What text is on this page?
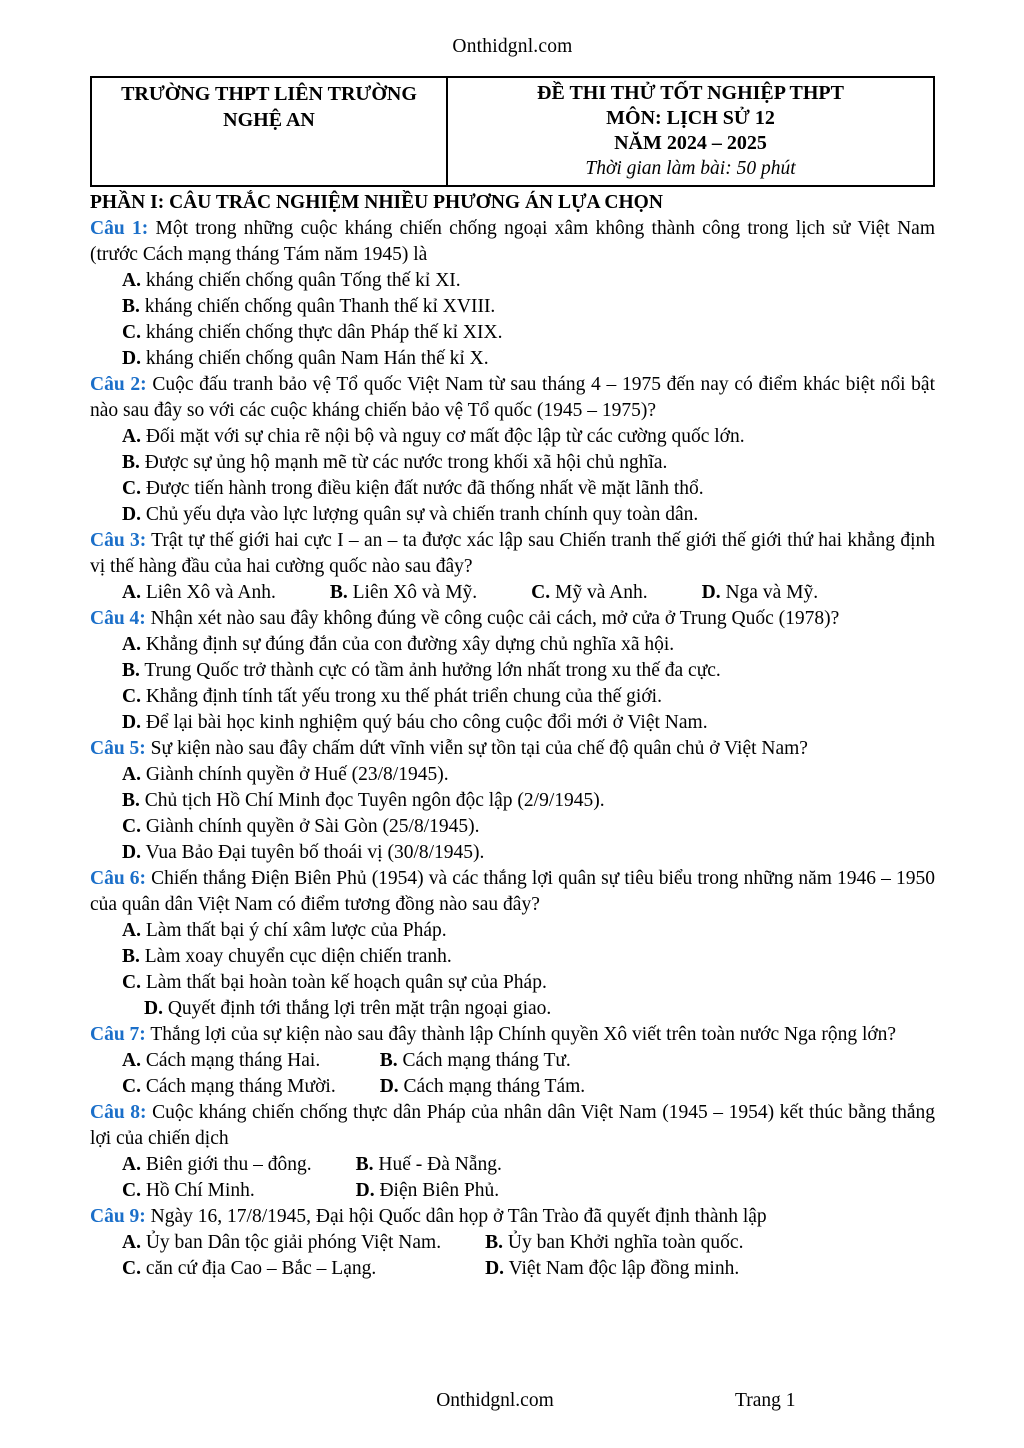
Onthidgnl.com
TRƯỜNG THPT LIÊN TRƯỜNG
NGHỆ AN
ĐỀ THI THỬ TỐT NGHIỆP THPT
MÔN: LỊCH SỬ 12
NĂM 2024 – 2025
Thời gian làm bài: 50 phút
PHẦN I: CÂU TRẮC NGHIỆM NHIỀU PHƯƠNG ÁN LỰA CHỌN

Câu 1: Một trong những cuộc kháng chiến chống ngoại xâm không thành công trong lịch sử Việt Nam (trước Cách mạng tháng Tám năm 1945) là

A. kháng chiến chống quân Tống thế kỉ XI.
B. kháng chiến chống quân Thanh thế kỉ XVIII.
C. kháng chiến chống thực dân Pháp thế kỉ XIX.
D. kháng chiến chống quân Nam Hán thế kỉ X.

Câu 2: Cuộc đấu tranh bảo vệ Tổ quốc Việt Nam từ sau tháng 4 – 1975 đến nay có điểm khác biệt nổi bật nào sau đây so với các cuộc kháng chiến bảo vệ Tổ quốc (1945 – 1975)?

A. Đối mặt với sự chia rẽ nội bộ và nguy cơ mất độc lập từ các cường quốc lớn.
B. Được sự ủng hộ mạnh mẽ từ các nước trong khối xã hội chủ nghĩa.
C. Được tiến hành trong điều kiện đất nước đã thống nhất về mặt lãnh thổ.
D. Chủ yếu dựa vào lực lượng quân sự và chiến tranh chính quy toàn dân.

Câu 3: Trật tự thế giới hai cực I – an – ta được xác lập sau Chiến tranh thế giới thế giới thứ hai khẳng định vị thế hàng đầu của hai cường quốc nào sau đây?

A. Liên Xô và Anh.	B. Liên Xô và Mỹ.	C. Mỹ và Anh.	D. Nga và Mỹ.

Câu 4: Nhận xét nào sau đây không đúng về công cuộc cải cách, mở cửa ở Trung Quốc (1978)?

A. Khẳng định sự đúng đắn của con đường xây dựng chủ nghĩa xã hội.
B. Trung Quốc trở thành cực có tầm ảnh hưởng lớn nhất trong xu thế đa cực.
C. Khẳng định tính tất yếu trong xu thế phát triển chung của thế giới.
D. Để lại bài học kinh nghiệm quý báu cho công cuộc đổi mới ở Việt Nam.

Câu 5: Sự kiện nào sau đây chấm dứt vĩnh viễn sự tồn tại của chế độ quân chủ ở Việt Nam?

A. Giành chính quyền ở Huế (23/8/1945).
B. Chủ tịch Hồ Chí Minh đọc Tuyên ngôn độc lập (2/9/1945).
C. Giành chính quyền ở Sài Gòn (25/8/1945).
D. Vua Bảo Đại tuyên bố thoái vị (30/8/1945).

Câu 6: Chiến thắng Điện Biên Phủ (1954) và các thắng lợi quân sự tiêu biểu trong những năm 1946 – 1950 của quân dân Việt Nam có điểm tương đồng nào sau đây?

A. Làm thất bại ý chí xâm lược của Pháp.
B. Làm xoay chuyển cục diện chiến tranh.
C. Làm thất bại hoàn toàn kế hoạch quân sự của Pháp.
D. Quyết định tới thắng lợi trên mặt trận ngoại giao.

Câu 7: Thắng lợi của sự kiện nào sau đây thành lập Chính quyền Xô viết trên toàn nước Nga rộng lớn?

A. Cách mạng tháng Hai.	B. Cách mạng tháng Tư.
C. Cách mạng tháng Mười. D. Cách mạng tháng Tám.

Câu 8: Cuộc kháng chiến chống thực dân Pháp của nhân dân Việt Nam (1945 – 1954) kết thúc bằng thắng lợi của chiến dịch

A. Biên giới thu – đông. B. Huế - Đà Nẵng.
C. Hồ Chí Minh.	D. Điện Biên Phủ.

Câu 9: Ngày 16, 17/8/1945, Đại hội Quốc dân họp ở Tân Trào đã quyết định thành lập

A. Ủy ban Dân tộc giải phóng Việt Nam. B. Ủy ban Khởi nghĩa toàn quốc.
C. căn cứ địa Cao – Bắc – Lạng.	D. Việt Nam độc lập đồng minh.
Onthidgnl.com	Trang 1
